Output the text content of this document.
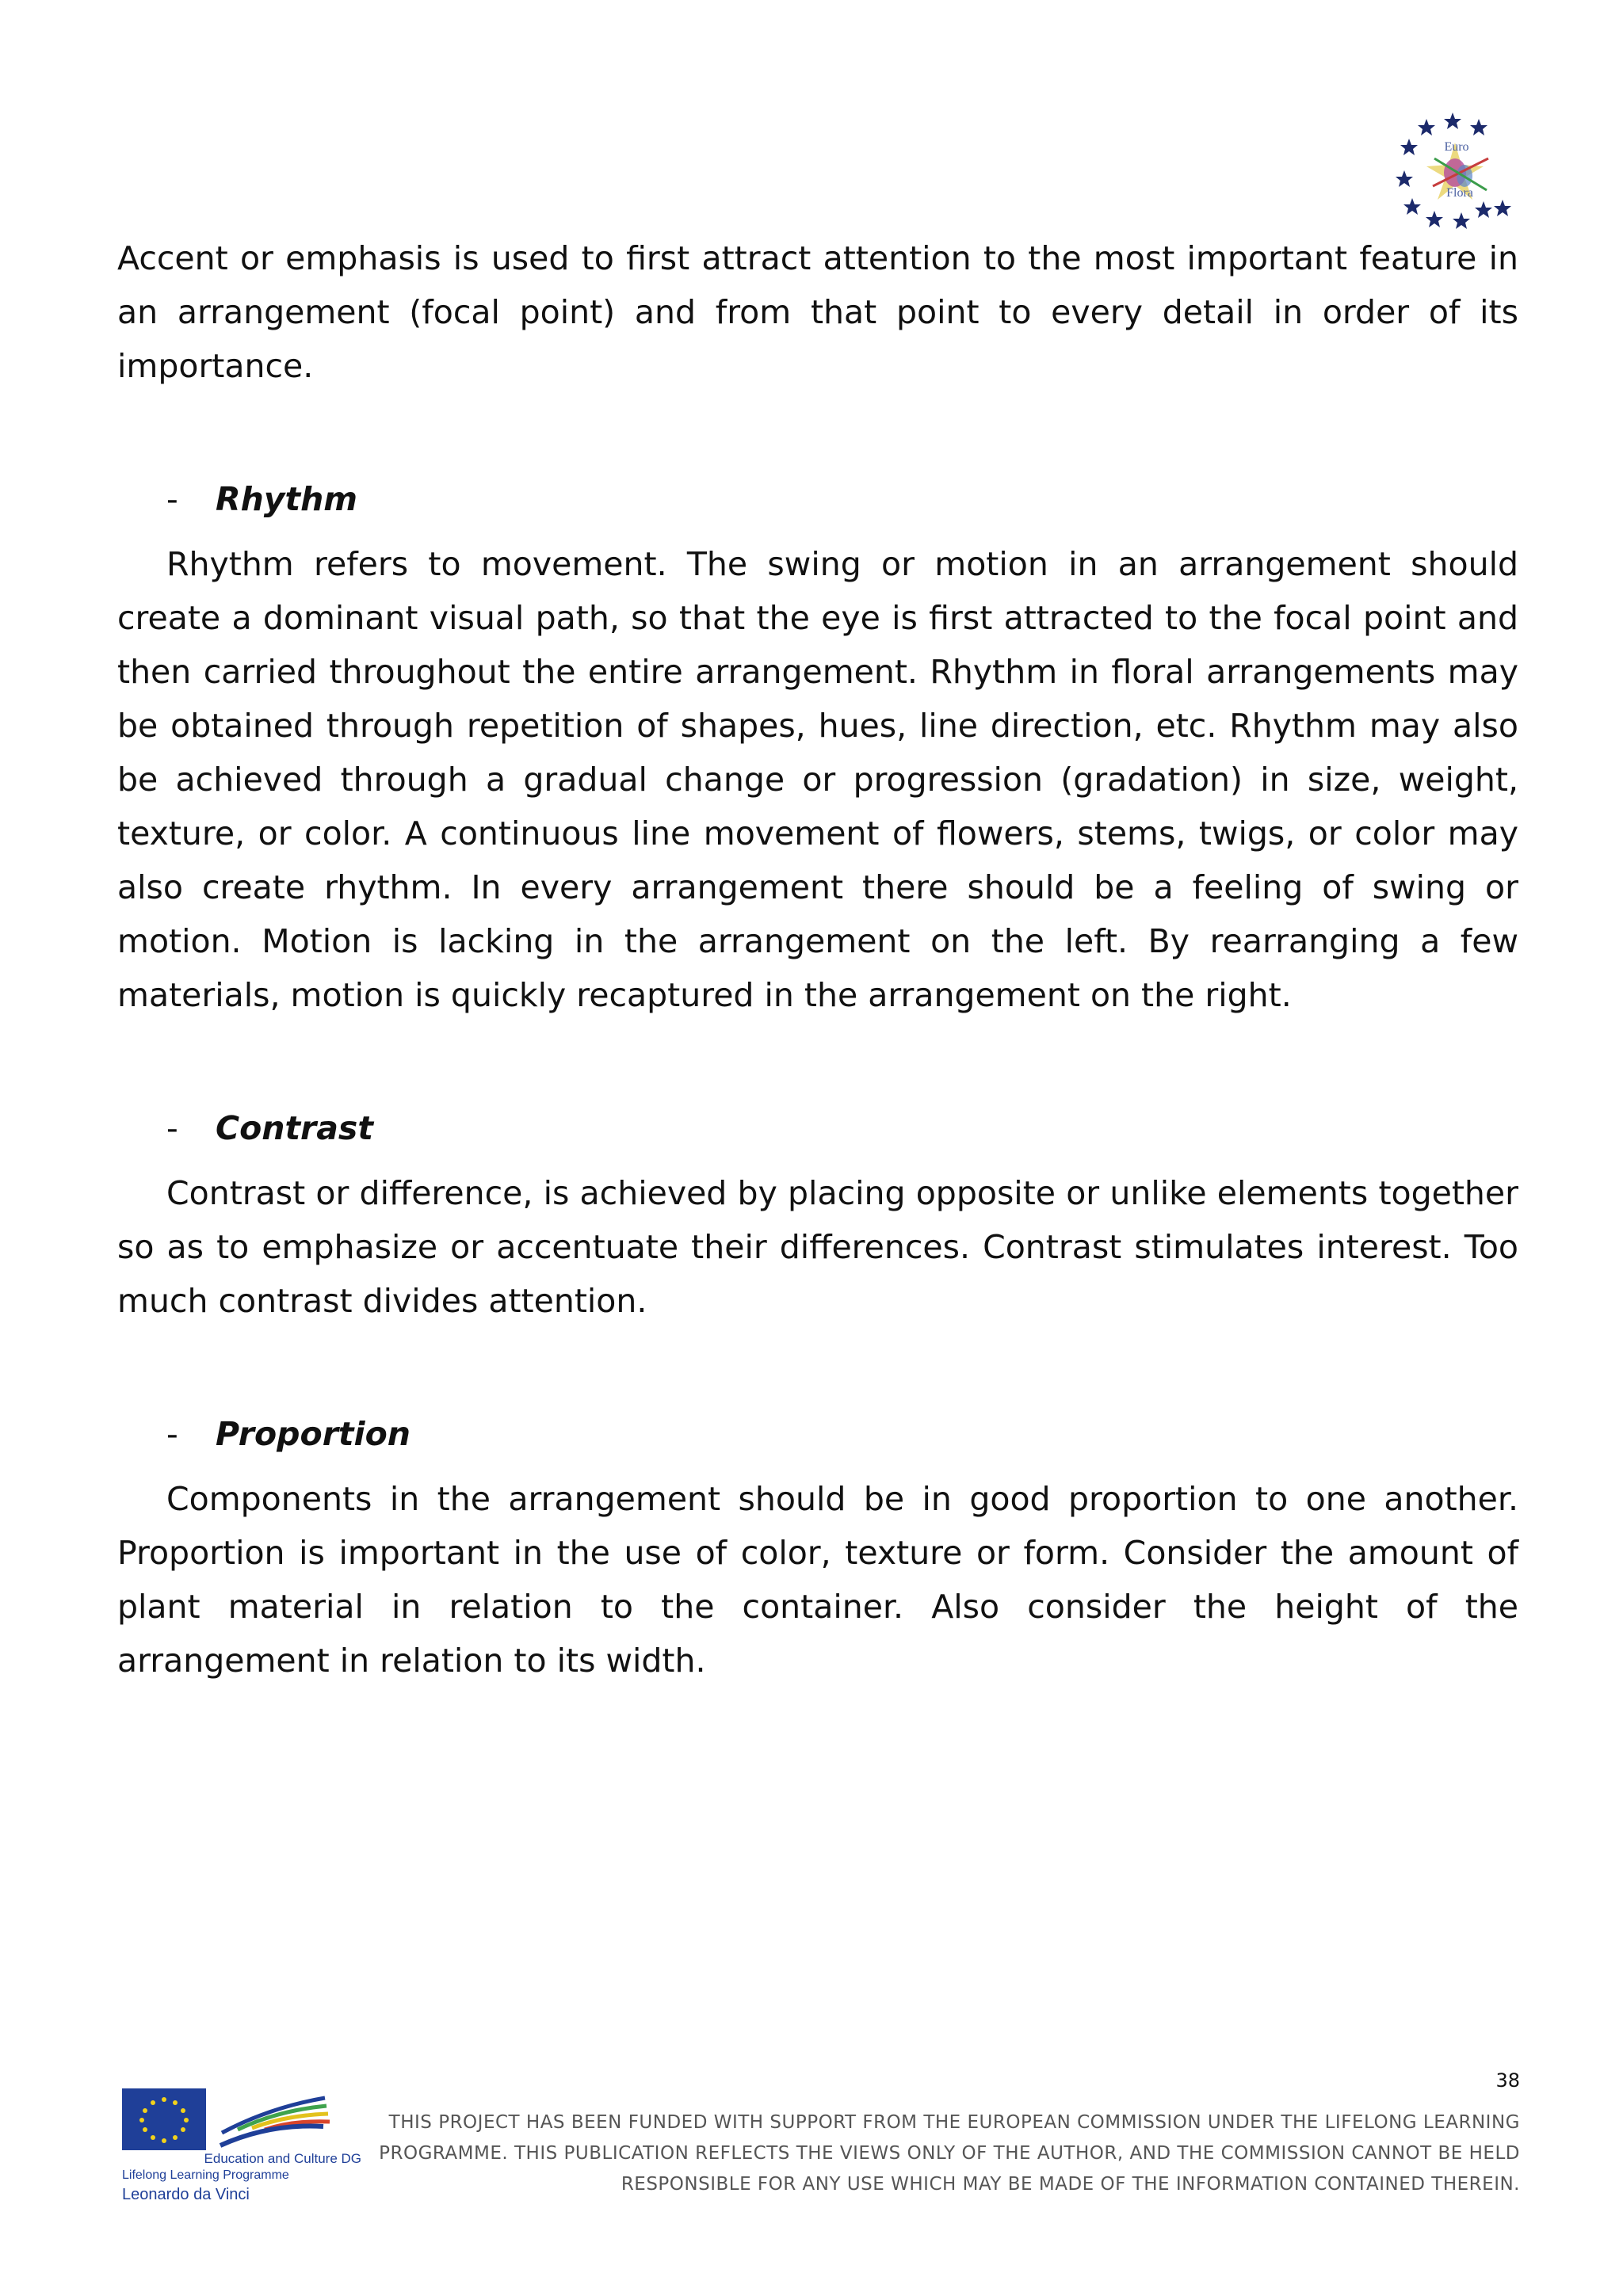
Euro
Flora

Accent or emphasis is used to first attract attention to the most important feature in an arrangement (focal point) and from that point to every detail in order of its importance.

- Rhythm

Rhythm refers to movement. The swing or motion in an arrangement should create a dominant visual path, so that the eye is first attracted to the focal point and then carried throughout the entire arrangement. Rhythm in floral arrangements may be obtained through repetition of shapes, hues, line direction, etc. Rhythm may also be achieved through a gradual change or progression (gradation) in size, weight, texture, or color. A continuous line movement of flowers, stems, twigs, or color may also create rhythm. In every arrangement there should be a feeling of swing or motion. Motion is lacking in the arrangement on the left. By rearranging a few materials, motion is quickly recaptured in the arrangement on the right.

- Contrast

Contrast or difference, is achieved by placing opposite or unlike elements together so as to emphasize or accentuate their differences. Contrast stimulates interest. Too much contrast divides attention.

- Proportion

Components in the arrangement should be in good proportion to one another. Proportion is important in the use of color, texture or form. Consider the amount of plant material in relation to the container. Also consider the height of the arrangement in relation to its width.

38
Education and Culture DG
Lifelong Learning Programme
Leonardo da Vinci
THIS PROJECT HAS BEEN FUNDED WITH SUPPORT FROM THE EUROPEAN COMMISSION UNDER THE LIFELONG LEARNING
PROGRAMME. THIS PUBLICATION REFLECTS THE VIEWS ONLY OF THE AUTHOR, AND THE COMMISSION CANNOT BE HELD
RESPONSIBLE FOR ANY USE WHICH MAY BE MADE OF THE INFORMATION CONTAINED THEREIN.
